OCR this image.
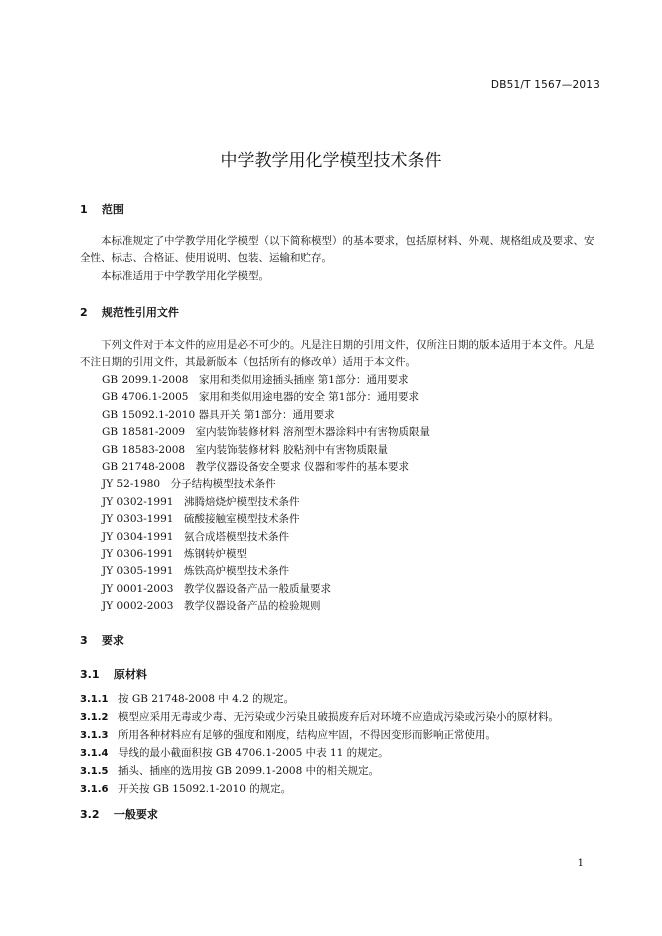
DB51/T 1567—2013
中学教学用化学模型技术条件
1 范围

本标准规定了中学教学用化学模型（以下简称模型）的基本要求，包括原材料、外观、规格组成及要求、安全性、标志、合格证、使用说明、包装、运输和贮存。

本标准适用于中学教学用化学模型。

2 规范性引用文件

下列文件对于本文件的应用是必不可少的。凡是注日期的引用文件，仅所注日期的版本适用于本文件。凡是不注日期的引用文件，其最新版本（包括所有的修改单）适用于本文件。

GB 2099.1-2008　家用和类似用途插头插座 第1部分：通用要求
GB 4706.1-2005　家用和类似用途电器的安全 第1部分：通用要求
GB 15092.1-2010 器具开关 第1部分：通用要求
GB 18581-2009　室内装饰装修材料 溶剂型木器涂料中有害物质限量
GB 18583-2008　室内装饰装修材料 胶粘剂中有害物质限量
GB 21748-2008　教学仪器设备安全要求 仪器和零件的基本要求
JY 52-1980　分子结构模型技术条件
JY 0302-1991　沸腾焙烧炉模型技术条件
JY 0303-1991　硫酸接触室模型技术条件
JY 0304-1991　氨合成塔模型技术条件
JY 0306-1991　炼钢转炉模型
JY 0305-1991　炼铁高炉模型技术条件
JY 0001-2003　教学仪器设备产品一般质量要求
JY 0002-2003　教学仪器设备产品的检验规则
3 要求
3.1 原材料
3.1.1 按 GB 21748-2008 中 4.2 的规定。
3.1.2 模型应采用无毒或少毒、无污染或少污染且破损废弃后对环境不应造成污染或污染小的原材料。
3.1.3 所用各种材料应有足够的强度和刚度，结构应牢固，不得因变形而影响正常使用。
3.1.4 导线的最小截面积按 GB 4706.1-2005 中表 11 的规定。
3.1.5 插头、插座的选用按 GB 2099.1-2008 中的相关规定。
3.1.6 开关按 GB 15092.1-2010 的规定。
3.2 一般要求
1
